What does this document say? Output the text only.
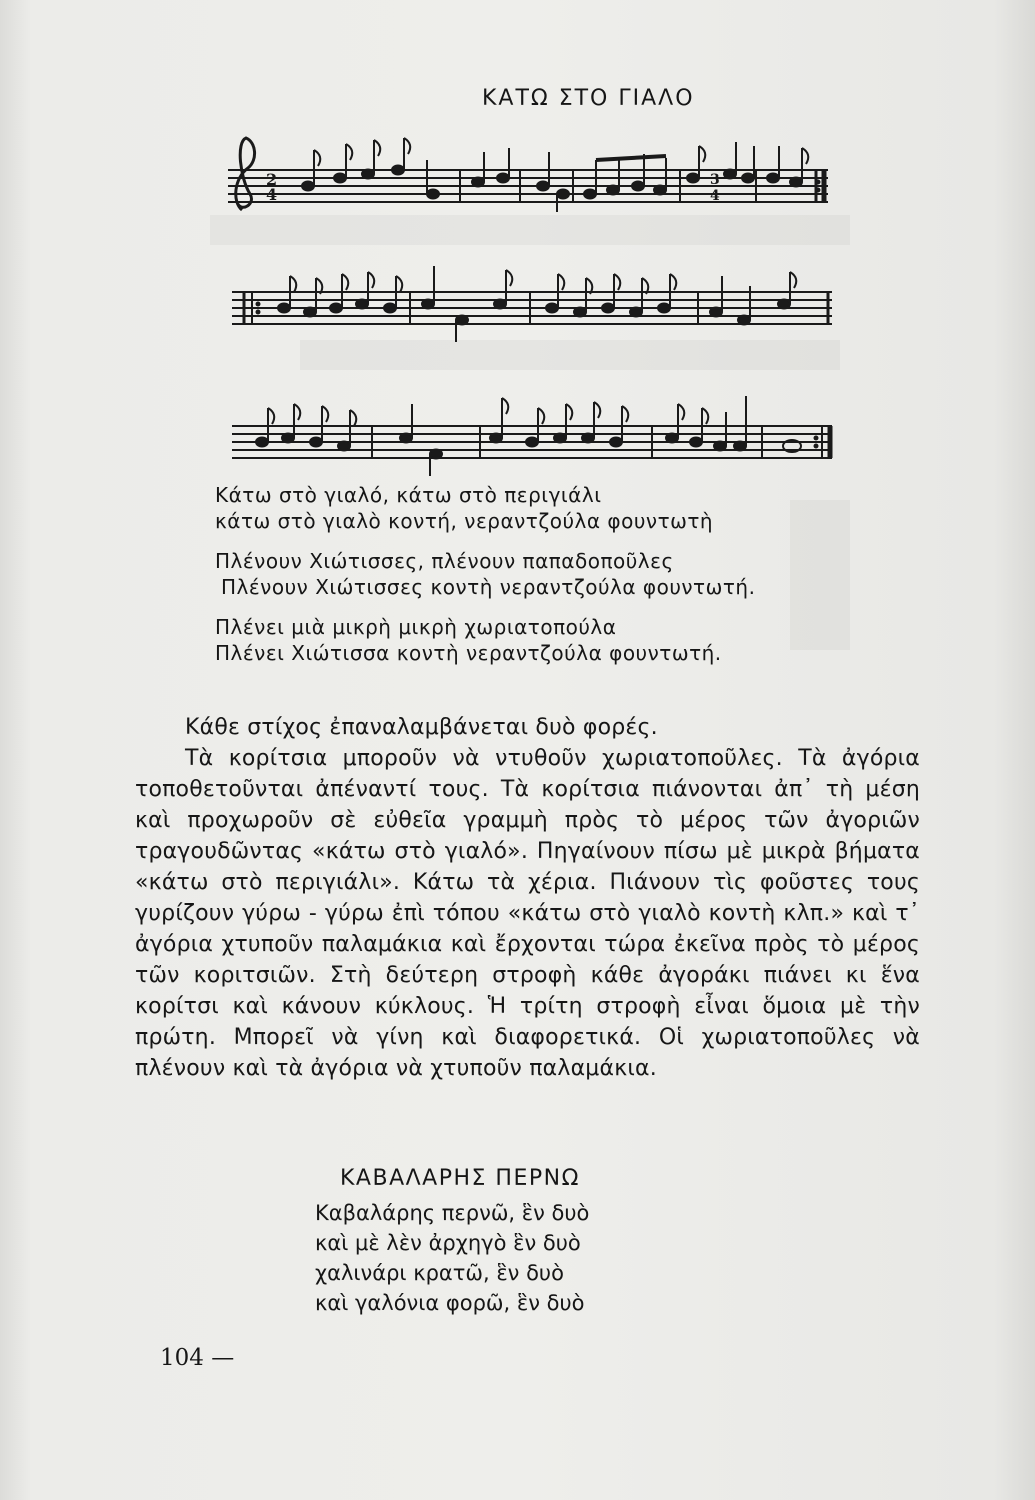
ΚΑΤΩ ΣΤΟ ΓΙΑΛΟ
2
4
3
4
Κάτω στὸ γιαλό, κάτω στὸ περιγιάλι
κάτω στὸ γιαλὸ κοντή, νεραντζούλα φουντωτὴ
Πλένουν Χιώτισσες, πλένουν παπαδοποῦλες
Πλένουν Χιώτισσες κοντὴ νεραντζούλα φουντωτή.
Πλένει μιὰ μικρὴ μικρὴ χωριατοπούλα
Πλένει Χιώτισσα κοντὴ νεραντζούλα φουντωτή.

Κάθε στίχος ἐπαναλαμβάνεται δυὸ φορές.

Τὰ κορίτσια μποροῦν νὰ ντυθοῦν χωριατοποῦλες. Τὰ ἀγόρια τοποθετοῦνται ἀπέναντί τους. Τὰ κορίτσια πιάνονται ἀπ᾽ τὴ μέση καὶ προχωροῦν σὲ εὐθεῖα γραμμὴ πρὸς τὸ μέρος τῶν ἀγοριῶν τραγουδῶντας «κάτω στὸ γιαλό». Πηγαίνουν πίσω μὲ μικρὰ βήματα «κάτω στὸ περιγιάλι». Κάτω τὰ χέρια. Πιάνουν τὶς φοῦστες τους γυρίζουν γύρω - γύρω ἐπὶ τόπου «κάτω στὸ γιαλὸ κοντὴ κλπ.» καὶ τ᾽ ἀγόρια χτυποῦν παλαμάκια καὶ ἔρχονται τώρα ἐκεῖνα πρὸς τὸ μέρος τῶν κοριτσιῶν. Στὴ δεύτερη στροφὴ κάθε ἀγοράκι πιάνει κι ἕνα κορίτσι καὶ κάνουν κύκλους. Ἡ τρίτη στροφὴ εἶναι ὅμοια μὲ τὴν πρώτη. Μπορεῖ νὰ γίνη καὶ διαφορετικά. Οἱ χωριατοποῦλες νὰ πλένουν καὶ τὰ ἀγόρια νὰ χτυποῦν παλαμάκια.

ΚΑΒΑΛΑΡΗΣ ΠΕΡΝΩ
Καβαλάρης περνῶ, ἓν δυὸ
καὶ μὲ λὲν ἀρχηγὸ ἓν δυὸ
χαλινάρι κρατῶ, ἓν δυὸ
καὶ γαλόνια φορῶ, ἓν δυὸ
104 —
